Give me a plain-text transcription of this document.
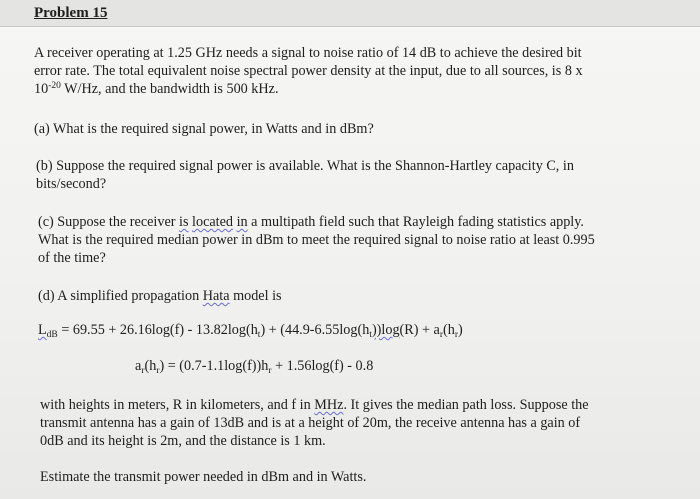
Problem 15

A receiver operating at 1.25 GHz needs a signal to noise ratio of 14 dB to achieve the desired bit

error rate. The total equivalent noise spectral power density at the input, due to all sources, is 8 x

$10^{-20}$ W/Hz, and the bandwidth is 500 kHz.

(a) What is the required signal power, in Watts and in dBm?

(b) Suppose the required signal power is available. What is the Shannon-Hartley capacity C, in

bits/second?

(c) Suppose the receiver is located in a multipath field such that Rayleigh fading statistics apply.

What is the required median power in dBm to meet the required signal to noise ratio at least 0.995

of the time?

(d) A simplified propagation Hata model is

$L_{dB} = 69.55 + 26.16\log(f) - 13.82\log(h_t) + (44.9-6.55\log(h_t))\log(R) + a_r(h_r)$
$a_r(h_r) = (0.7-1.1\log(f))h_r + 1.56\log(f) - 0.8$

with heights in meters, R in kilometers, and f in MHz. It gives the median path loss. Suppose the

transmit antenna has a gain of 13dB and is at a height of 20m, the receive antenna has a gain of

0dB and its height is 2m, and the distance is 1 km.

Estimate the transmit power needed in dBm and in Watts.
